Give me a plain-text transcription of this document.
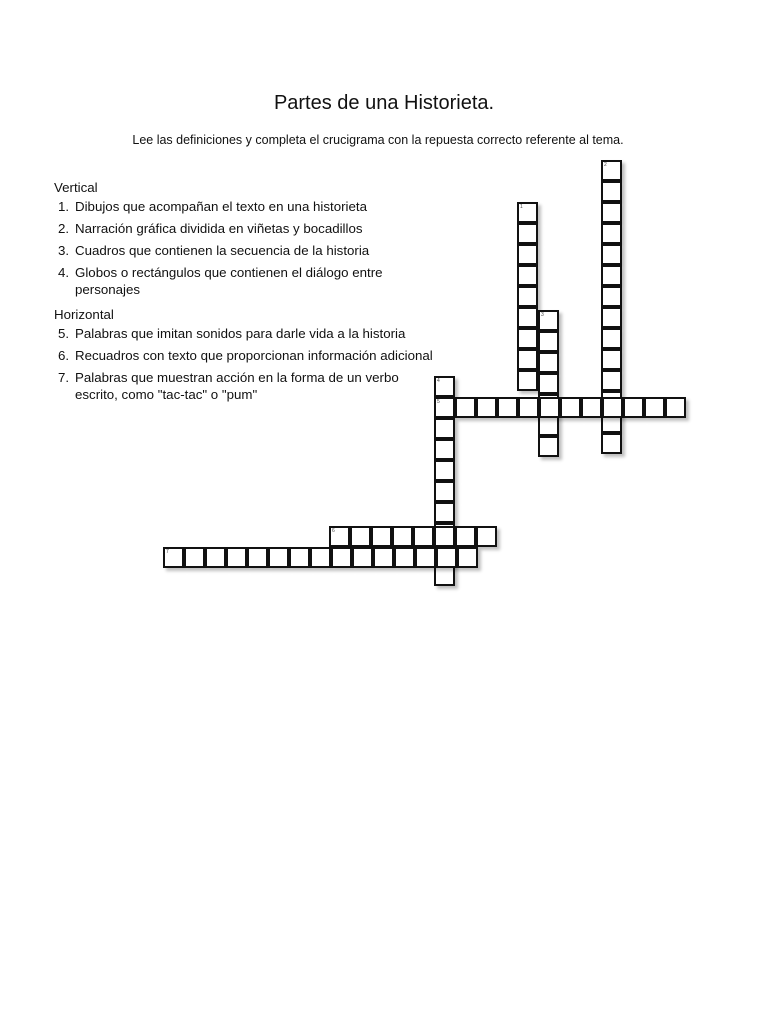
Partes de una Historieta.
Lee las definiciones y completa el crucigrama con la repuesta correcto referente al tema.
Vertical
1. Dibujos que acompañan el texto en una historieta
2. Narración gráfica dividida en viñetas y bocadillos
3. Cuadros que contienen la secuencia de la historia
4. Globos o rectángulos que contienen el diálogo entre personajes
Horizontal
5. Palabras que imitan sonidos para darle vida a la historia
6. Recuadros con texto que proporcionan información adicional
7. Palabras que muestran acción en la forma de un verbo escrito, como "tac-tac" o "pum"
1
2
3
4
5
6
7
